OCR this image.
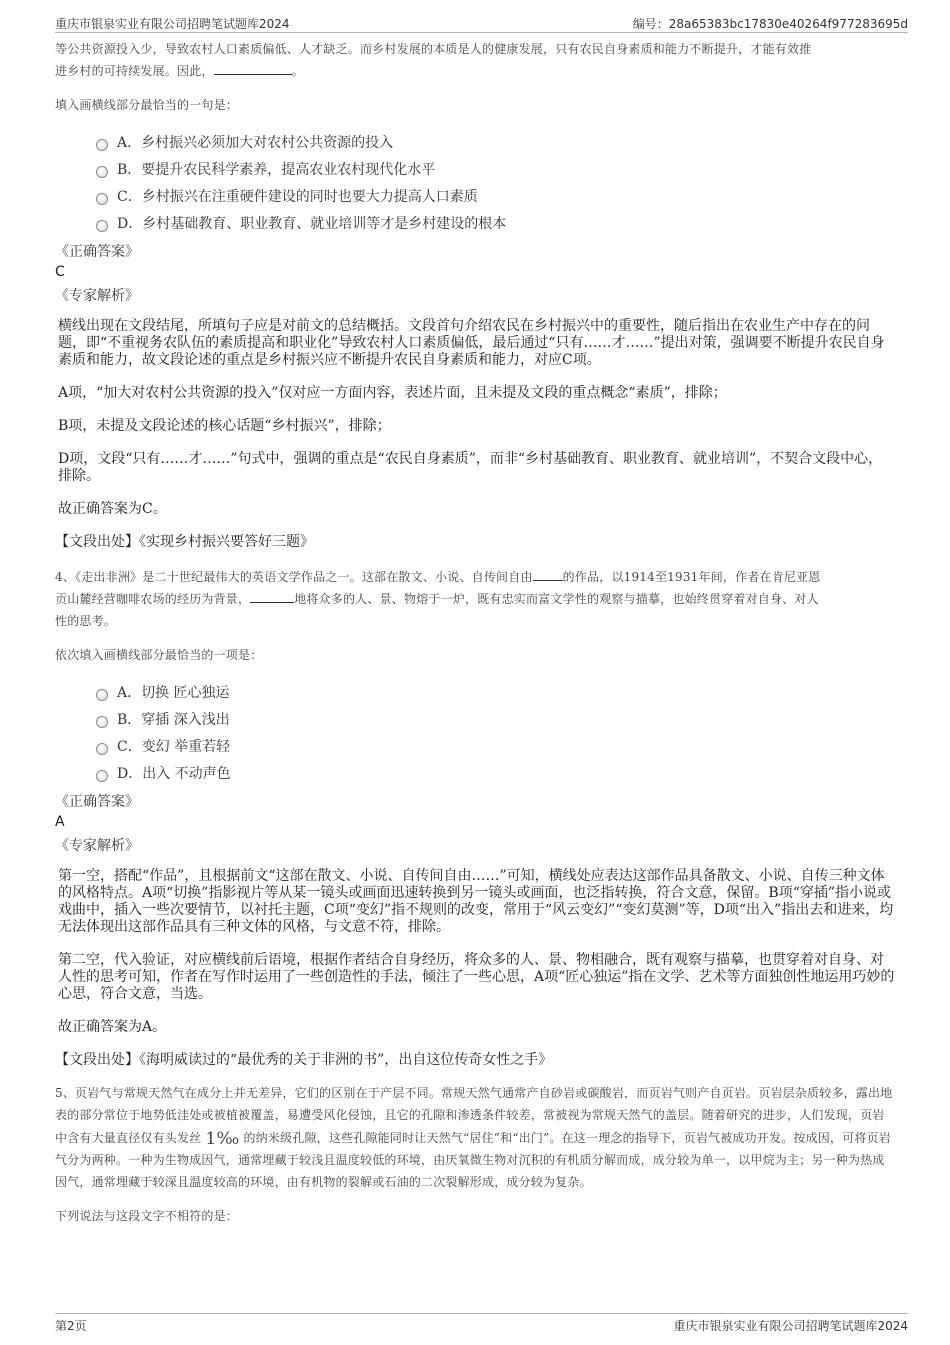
重庆市银泉实业有限公司招聘笔试题库2024	编号：28a65383bc17830e40264f977283695d

等公共资源投入少，导致农村人口素质偏低、人才缺乏。而乡村发展的本质是人的健康发展，只有农民自身素质和能力不断提升，才能有效推
进乡村的可持续发展。因此，	。

填入画横线部分最恰当的一句是：

A．乡村振兴必须加大对农村公共资源的投入
B．要提升农民科学素养，提高农业农村现代化水平
C．乡村振兴在注重硬件建设的同时也要大力提高人口素质
D．乡村基础教育、职业教育、就业培训等才是乡村建设的根本

《正确答案》

C

《专家解析》

横线出现在文段结尾，所填句子应是对前文的总结概括。文段首句介绍农民在乡村振兴中的重要性，随后指出在农业生产中存在的问题，即“不重视务农队伍的素质提高和职业化”导致农村人口素质偏低，最后通过“只有……才……”提出对策，强调要不断提升农民自身素质和能力，故文段论述的重点是乡村振兴应不断提升农民自身素质和能力，对应C项。

A项，“加大对农村公共资源的投入”仅对应一方面内容，表述片面，且未提及文段的重点概念“素质”，排除；

B项，未提及文段论述的核心话题“乡村振兴”，排除；

D项，文段“只有……才……”句式中，强调的重点是“农民自身素质”，而非“乡村基础教育、职业教育、就业培训”，不契合文段中心，排除。

故正确答案为C。

【文段出处】《实现乡村振兴要答好三题》

4、《走出非洲》是二十世纪最伟大的英语文学作品之一。这部在散文、小说、自传间自由	的作品，以1914至1931年间，作者在肯尼亚恩
贡山麓经营咖啡农场的经历为背景，	地将众多的人、景、物熔于一炉，既有忠实而富文学性的观察与描摹，也始终贯穿着对自身、对人
性的思考。

依次填入画横线部分最恰当的一项是：

A．切换 匠心独运
B．穿插 深入浅出
C．变幻 举重若轻
D．出入 不动声色

《正确答案》

A

《专家解析》

第一空，搭配“作品”，且根据前文“这部在散文、小说、自传间自由……”可知，横线处应表达这部作品具备散文、小说、自传三种文体的风格特点。A项“切换”指影视片等从某一镜头或画面迅速转换到另一镜头或画面，也泛指转换，符合文意，保留。B项“穿插”指小说或戏曲中，插入一些次要情节，以衬托主题，C项“变幻”指不规则的改变，常用于“风云变幻”“变幻莫测”等，D项“出入”指出去和进来，均无法体现出这部作品具有三种文体的风格，与文意不符，排除。

第二空，代入验证，对应横线前后语境，根据作者结合自身经历，将众多的人、景、物相融合，既有观察与描摹，也贯穿着对自身、对人性的思考可知，作者在写作时运用了一些创造性的手法，倾注了一些心思，A项“匠心独运”指在文学、艺术等方面独创性地运用巧妙的心思，符合文意，当选。

故正确答案为A。

【文段出处】《海明威读过的“最优秀的关于非洲的书”，出自这位传奇女性之手》

5、页岩气与常规天然气在成分上并无差异，它们的区别在于产层不同。常规天然气通常产自砂岩或碳酸岩，而页岩气则产自页岩。页岩层杂质较多，露出地表的部分常位于地势低洼处或被植被覆盖，易遭受风化侵蚀，且它的孔隙和渗透条件较差，常被视为常规天然气的盖层。随着研究的进步，人们发现，页岩中含有大量直径仅有头发丝 1‰ 的纳米级孔隙，这些孔隙能同时让天然气“居住”和“出门”。在这一理念的指导下，页岩气被成功开发。按成因，可将页岩气分为两种。一种为生物成因气，通常埋藏于较浅且温度较低的环境，由厌氧微生物对沉积的有机质分解而成，成分较为单一，以甲烷为主；另一种为热成因气，通常埋藏于较深且温度较高的环境，由有机物的裂解或石油的二次裂解形成，成分较为复杂。

下列说法与这段文字不相符的是：

第2页	重庆市银泉实业有限公司招聘笔试题库2024
